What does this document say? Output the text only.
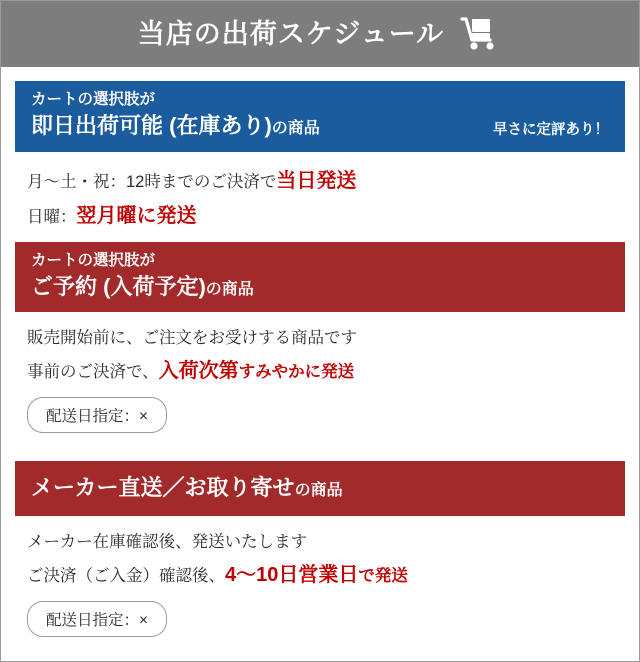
当店の出荷スケジュール
カートの選択肢が
即日出荷可能 (在庫あり)の商品	早さに定評あり！
月～土・祝：12時までのご決済で当日発送
日曜：翌月曜に発送
カートの選択肢が
ご予約 (入荷予定)の商品
販売開始前に、ご注文をお受けする商品です
事前のご決済で、入荷次第すみやかに発送
配送日指定：×
メーカー直送／お取り寄せの商品
メーカー在庫確認後、発送いたします
ご決済（ご入金）確認後、4～10日営業日で発送
配送日指定：×
